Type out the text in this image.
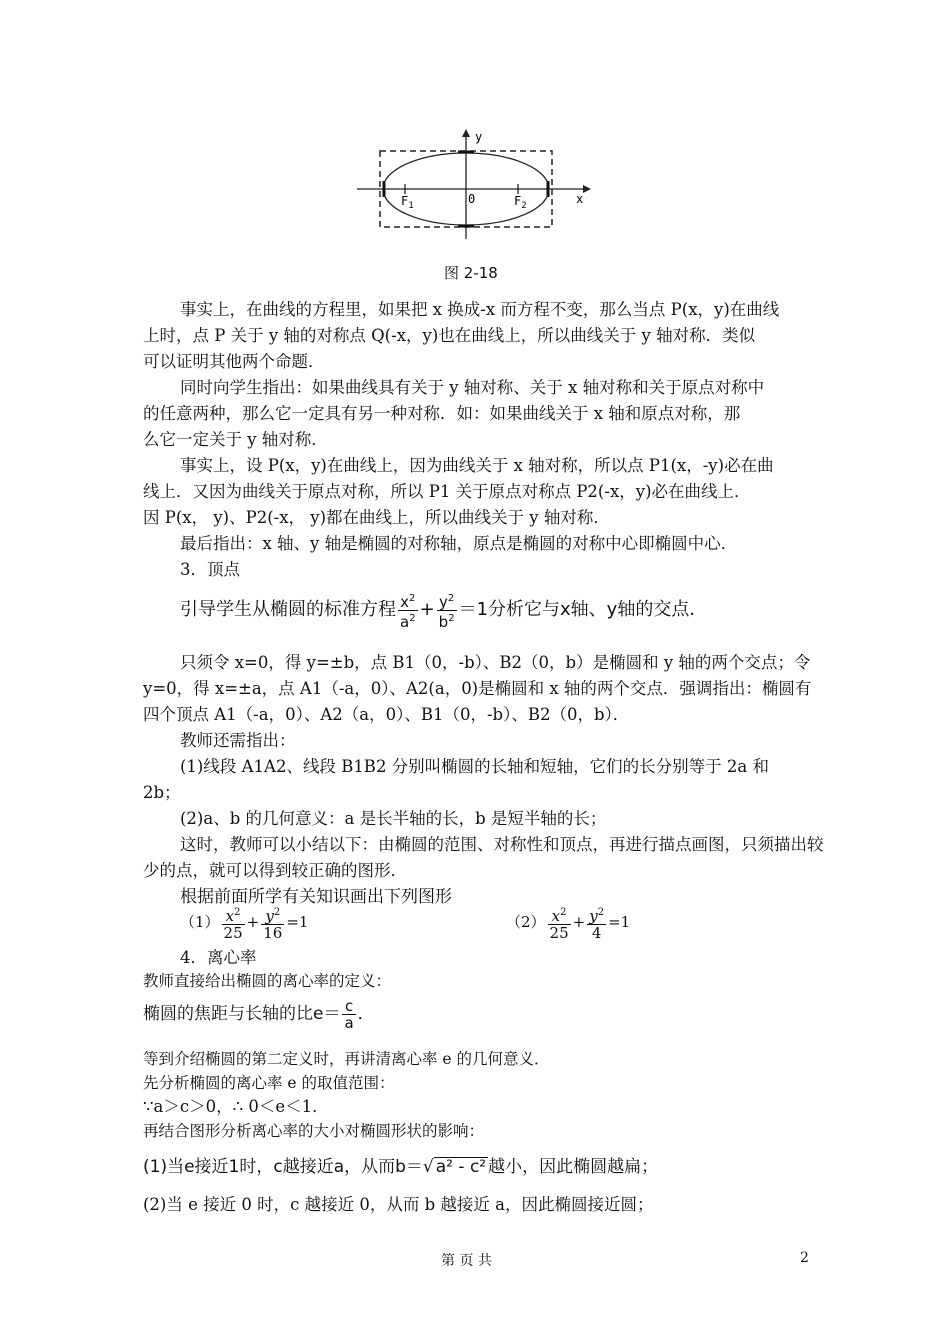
y
x
0
$F_1$	$F_2$
图 2-18
事实上，在曲线的方程里，如果把 x 换成-x 而方程不变，那么当点 P(x，y)在曲线
上时，点 P 关于 y 轴的对称点 Q(-x，y)也在曲线上，所以曲线关于 y 轴对称．类似
可以证明其他两个命题．
同时向学生指出：如果曲线具有关于 y 轴对称、关于 x 轴对称和关于原点对称中
的任意两种，那么它一定具有另一种对称．如：如果曲线关于 x 轴和原点对称，那
么它一定关于 y 轴对称．
事实上，设 P(x，y)在曲线上，因为曲线关于 x 轴对称，所以点 P1(x，-y)必在曲
线上．又因为曲线关于原点对称，所以 P1 关于原点对称点 P2(-x，y)必在曲线上．
因 P(x， y)、P2(-x， y)都在曲线上，所以曲线关于 y 轴对称．
最后指出：x 轴、y 轴是椭圆的对称轴，原点是椭圆的对称中心即椭圆中心．
3．顶点
引导学生从椭圆的标准方程 $\frac{x^2}{a^2} + \frac{y^2}{b^2} =1$分析它与x轴、y轴的交点．
只须令 x=0，得 y=±b，点 B1（0，-b）、B2（0，b）是椭圆和 y 轴的两个交点；令
y=0，得 x=±a，点 A1（-a，0）、A2(a，0)是椭圆和 x 轴的两个交点．强调指出：椭圆有
四个顶点 A1（-a，0）、A2（a，0）、B1（0，-b）、B2（0，b）．
教师还需指出：
(1)线段 A1A2、线段 B1B2 分别叫椭圆的长轴和短轴，它们的长分别等于 2a 和
2b；
(2)a、b 的几何意义：a 是长半轴的长，b 是短半轴的长；
这时，教师可以小结以下：由椭圆的范围、对称性和顶点，再进行描点画图，只须描出较
少的点，就可以得到较正确的图形．
根据前面所学有关知识画出下列图形
$(1) \frac{x^2}{25} + \frac{y^2}{16} =1$	$(2) \frac{x^2}{25} + \frac{y^2}{4} =1$
4．离心率
教师直接给出椭圆的离心率的定义：
椭圆的焦距与长轴的比$e= \frac{c}{a}$ ．
等到介绍椭圆的第二定义时，再讲清离心率 e 的几何意义．
先分析椭圆的离心率 e 的取值范围：
∵a＞c＞0，∴ 0＜e＜1．
再结合图形分析离心率的大小对椭圆形状的影响：
(1)当e接近1时，c越接近a，从而b＝√ a² - c² 越小，因此椭圆越扁；
(2)当 e 接近 0 时，c 越接近 0，从而 b 越接近 a，因此椭圆接近圆；
第 页 共	2
